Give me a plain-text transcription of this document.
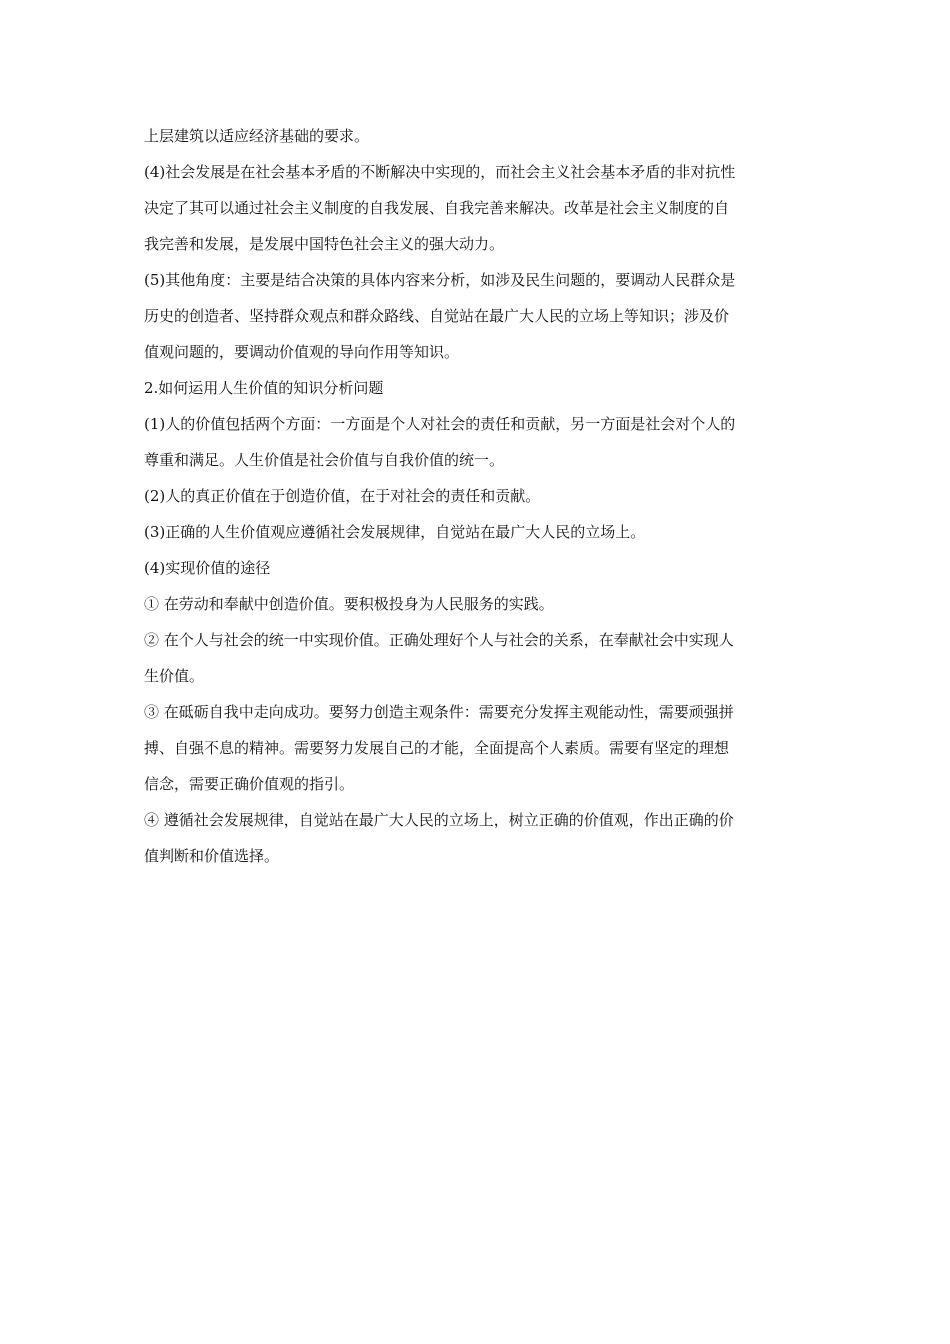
上层建筑以适应经济基础的要求。
(4)社会发展是在社会基本矛盾的不断解决中实现的，而社会主义社会基本矛盾的非对抗性
决定了其可以通过社会主义制度的自我发展、自我完善来解决。改革是社会主义制度的自
我完善和发展，是发展中国特色社会主义的强大动力。
(5)其他角度：主要是结合决策的具体内容来分析，如涉及民生问题的，要调动人民群众是
历史的创造者、坚持群众观点和群众路线、自觉站在最广大人民的立场上等知识；涉及价
值观问题的，要调动价值观的导向作用等知识。
2.如何运用人生价值的知识分析问题
(1)人的价值包括两个方面：一方面是个人对社会的责任和贡献，另一方面是社会对个人的
尊重和满足。人生价值是社会价值与自我价值的统一。
(2)人的真正价值在于创造价值，在于对社会的责任和贡献。
(3)正确的人生价值观应遵循社会发展规律，自觉站在最广大人民的立场上。
(4)实现价值的途径
① 在劳动和奉献中创造价值。要积极投身为人民服务的实践。
② 在个人与社会的统一中实现价值。正确处理好个人与社会的关系，在奉献社会中实现人
生价值。
③ 在砥砺自我中走向成功。要努力创造主观条件：需要充分发挥主观能动性，需要顽强拼
搏、自强不息的精神。需要努力发展自己的才能，全面提高个人素质。需要有坚定的理想
信念，需要正确价值观的指引。
④ 遵循社会发展规律，自觉站在最广大人民的立场上，树立正确的价值观，作出正确的价
值判断和价值选择。
